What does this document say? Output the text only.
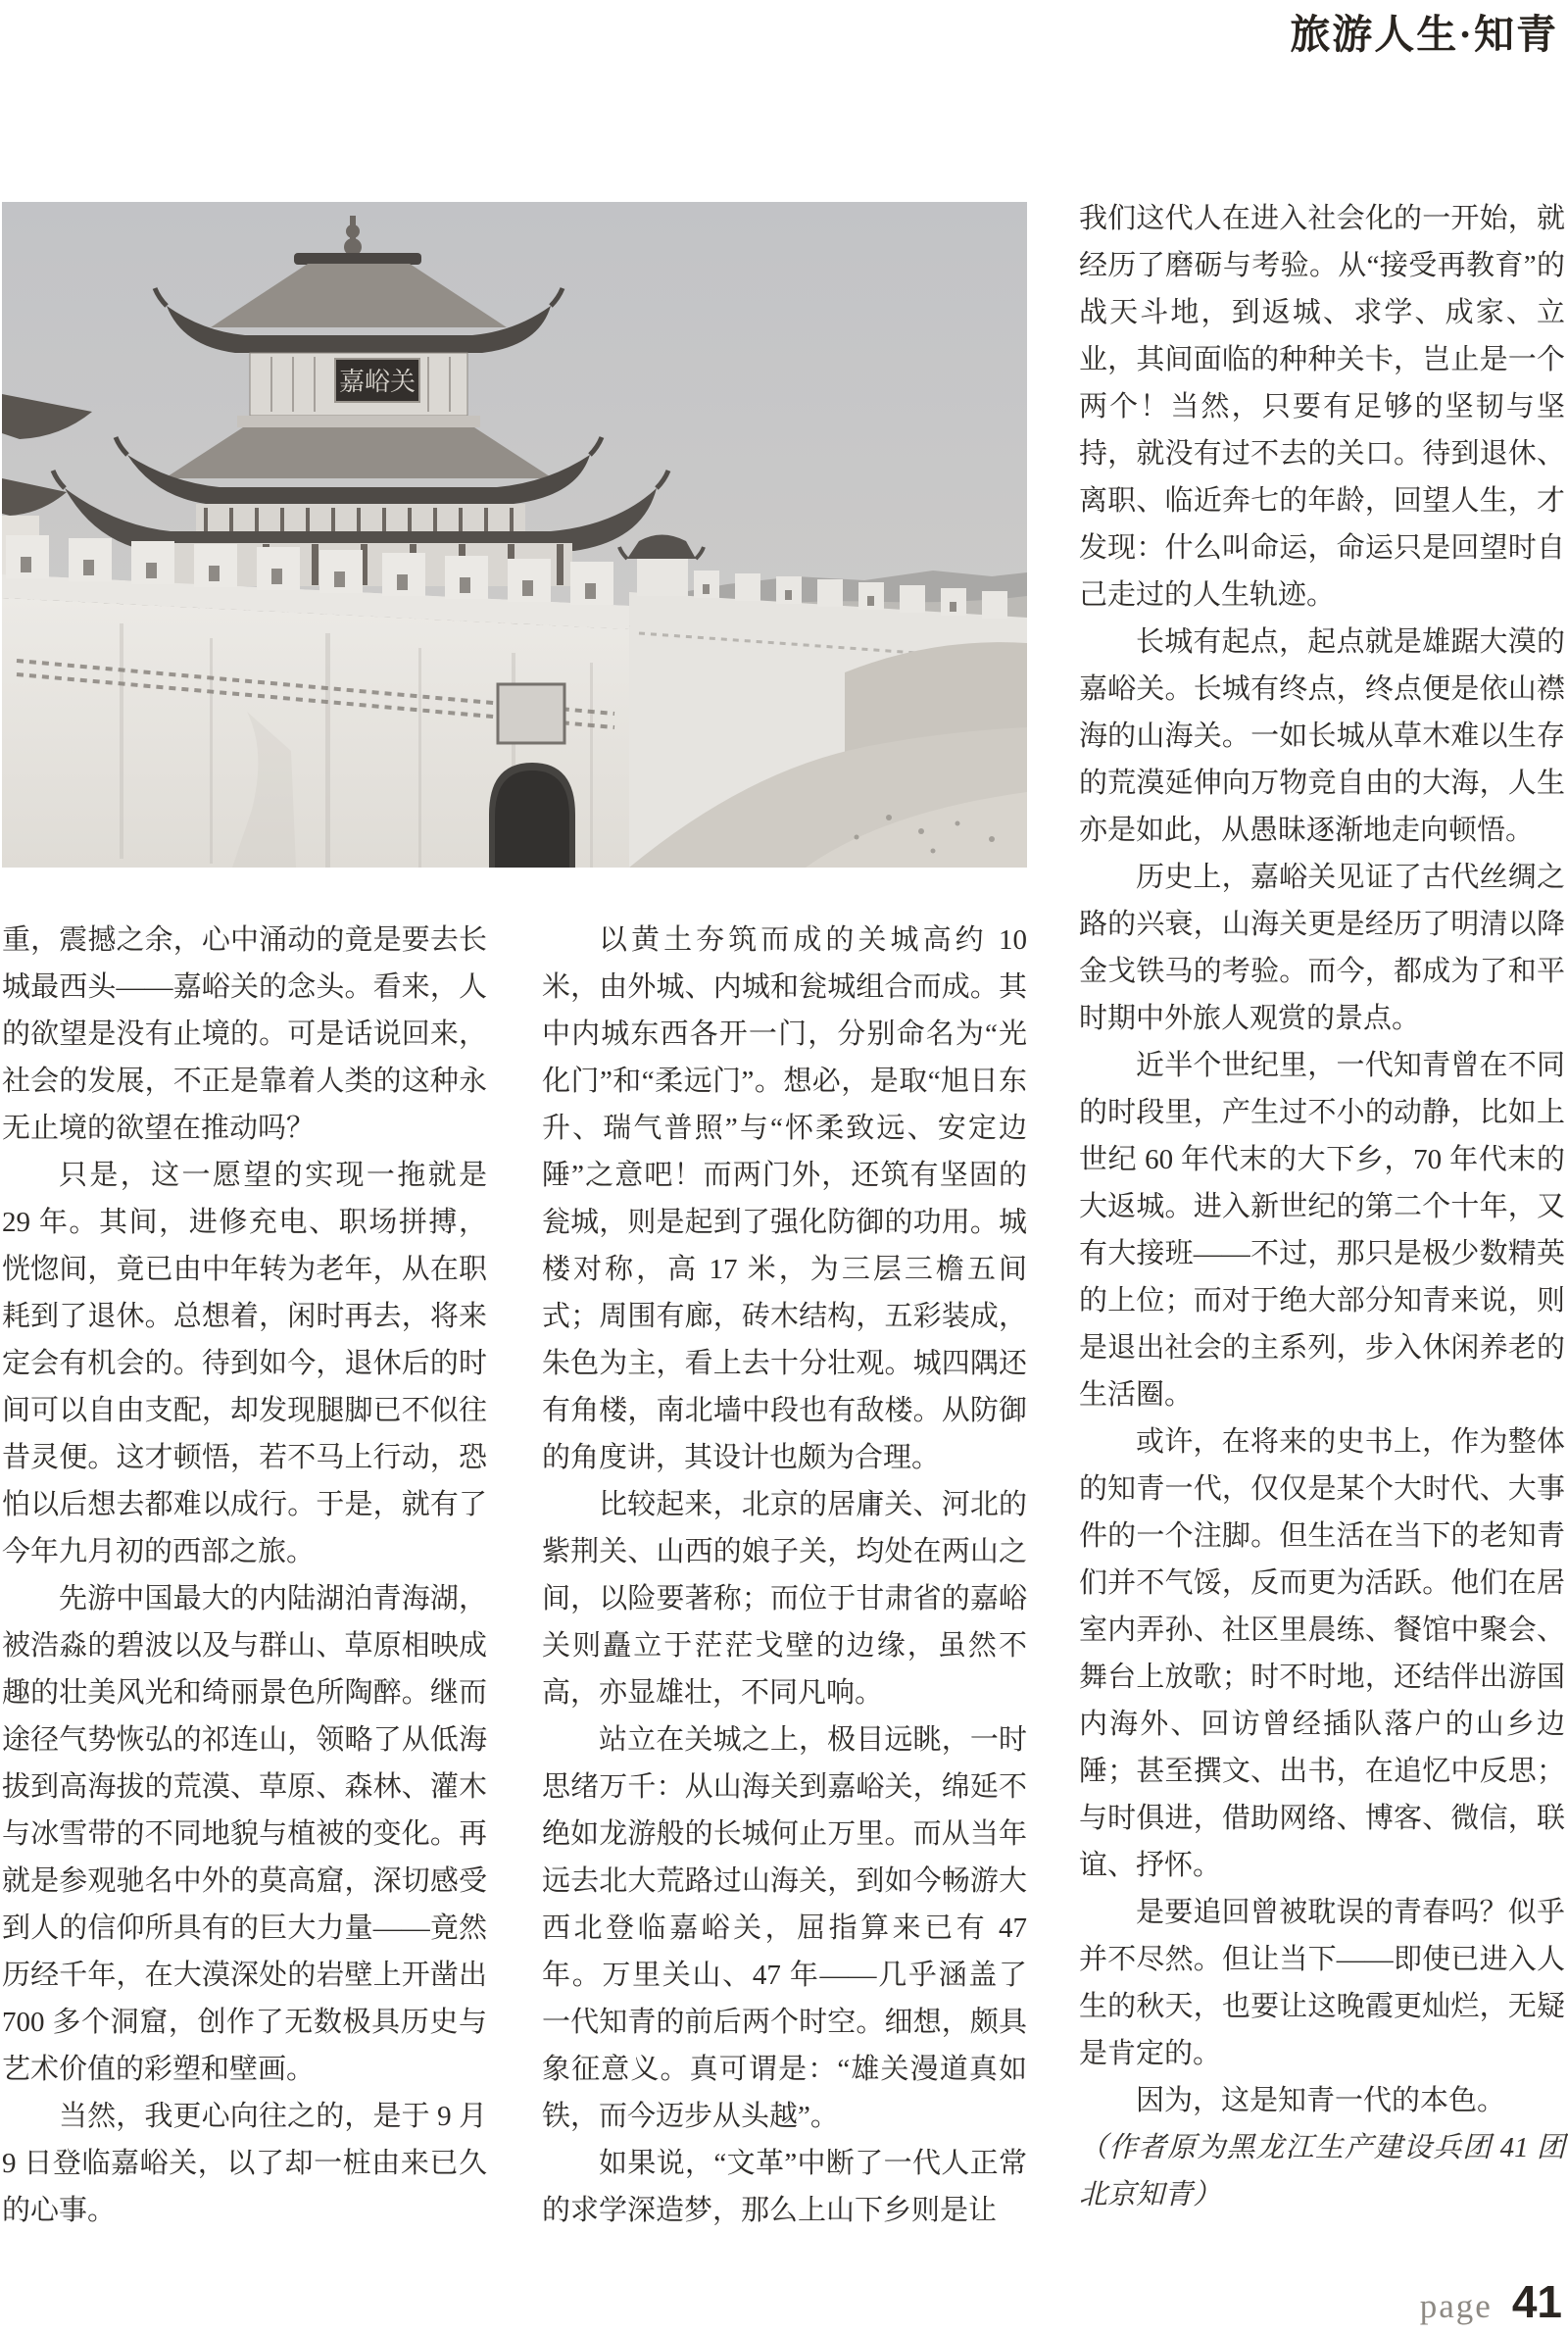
旅游人生·知青
嘉峪关

重，震撼之余，心中涌动的竟是要去长城最西头——嘉峪关的念头。看来，人的欲望是没有止境的。可是话说回来，社会的发展，不正是靠着人类的这种永无止境的欲望在推动吗？

只是，这一愿望的实现一拖就是 29 年。其间，进修充电、职场拼搏，恍惚间，竟已由中年转为老年，从在职耗到了退休。总想着，闲时再去，将来定会有机会的。待到如今，退休后的时间可以自由支配，却发现腿脚已不似往昔灵便。这才顿悟，若不马上行动，恐怕以后想去都难以成行。于是，就有了今年九月初的西部之旅。

先游中国最大的内陆湖泊青海湖，被浩淼的碧波以及与群山、草原相映成趣的壮美风光和绮丽景色所陶醉。继而途径气势恢弘的祁连山，领略了从低海拔到高海拔的荒漠、草原、森林、灌木与冰雪带的不同地貌与植被的变化。再就是参观驰名中外的莫高窟，深切感受到人的信仰所具有的巨大力量——竟然历经千年，在大漠深处的岩壁上开凿出 700 多个洞窟，创作了无数极具历史与艺术价值的彩塑和壁画。

当然，我更心向往之的，是于 9 月 9 日登临嘉峪关，以了却一桩由来已久的心事。

以黄土夯筑而成的关城高约 10 米，由外城、内城和瓮城组合而成。其中内城东西各开一门，分别命名为“光化门”和“柔远门”。想必，是取“旭日东升、瑞气普照”与“怀柔致远、安定边陲”之意吧！而两门外，还筑有坚固的瓮城，则是起到了强化防御的功用。城楼对称，高 17 米，为三层三檐五间式；周围有廊，砖木结构，五彩装成，朱色为主，看上去十分壮观。城四隅还有角楼，南北墙中段也有敌楼。从防御的角度讲，其设计也颇为合理。

比较起来，北京的居庸关、河北的紫荆关、山西的娘子关，均处在两山之间，以险要著称；而位于甘肃省的嘉峪关则矗立于茫茫戈壁的边缘，虽然不高，亦显雄壮，不同凡响。

站立在关城之上，极目远眺，一时思绪万千：从山海关到嘉峪关，绵延不绝如龙游般的长城何止万里。而从当年远去北大荒路过山海关，到如今畅游大西北登临嘉峪关，屈指算来已有 47 年。万里关山、47 年——几乎涵盖了一代知青的前后两个时空。细想，颇具象征意义。真可谓是：“雄关漫道真如铁，而今迈步从头越”。

如果说，“文革”中断了一代人正常的求学深造梦，那么上山下乡则是让

我们这代人在进入社会化的一开始，就经历了磨砺与考验。从“接受再教育”的战天斗地，到返城、求学、成家、立业，其间面临的种种关卡，岂止是一个两个！当然，只要有足够的坚韧与坚持，就没有过不去的关口。待到退休、离职、临近奔七的年龄，回望人生，才发现：什么叫命运，命运只是回望时自己走过的人生轨迹。

长城有起点，起点就是雄踞大漠的嘉峪关。长城有终点，终点便是依山襟海的山海关。一如长城从草木难以生存的荒漠延伸向万物竞自由的大海，人生亦是如此，从愚昧逐渐地走向顿悟。

历史上，嘉峪关见证了古代丝绸之路的兴衰，山海关更是经历了明清以降金戈铁马的考验。而今，都成为了和平时期中外旅人观赏的景点。

近半个世纪里，一代知青曾在不同的时段里，产生过不小的动静，比如上世纪 60 年代末的大下乡，70 年代末的大返城。进入新世纪的第二个十年，又有大接班——不过，那只是极少数精英的上位；而对于绝大部分知青来说，则是退出社会的主系列，步入休闲养老的生活圈。

或许，在将来的史书上，作为整体的知青一代，仅仅是某个大时代、大事件的一个注脚。但生活在当下的老知青们并不气馁，反而更为活跃。他们在居室内弄孙、社区里晨练、餐馆中聚会、舞台上放歌；时不时地，还结伴出游国内海外、回访曾经插队落户的山乡边陲；甚至撰文、出书，在追忆中反思；与时俱进，借助网络、博客、微信，联谊、抒怀。

是要追回曾被耽误的青春吗？似乎并不尽然。但让当下——即使已进入人生的秋天，也要让这晚霞更灿烂，无疑是肯定的。

因为，这是知青一代的本色。

（作者原为黑龙江生产建设兵团 41 团北京知青）

page 41
